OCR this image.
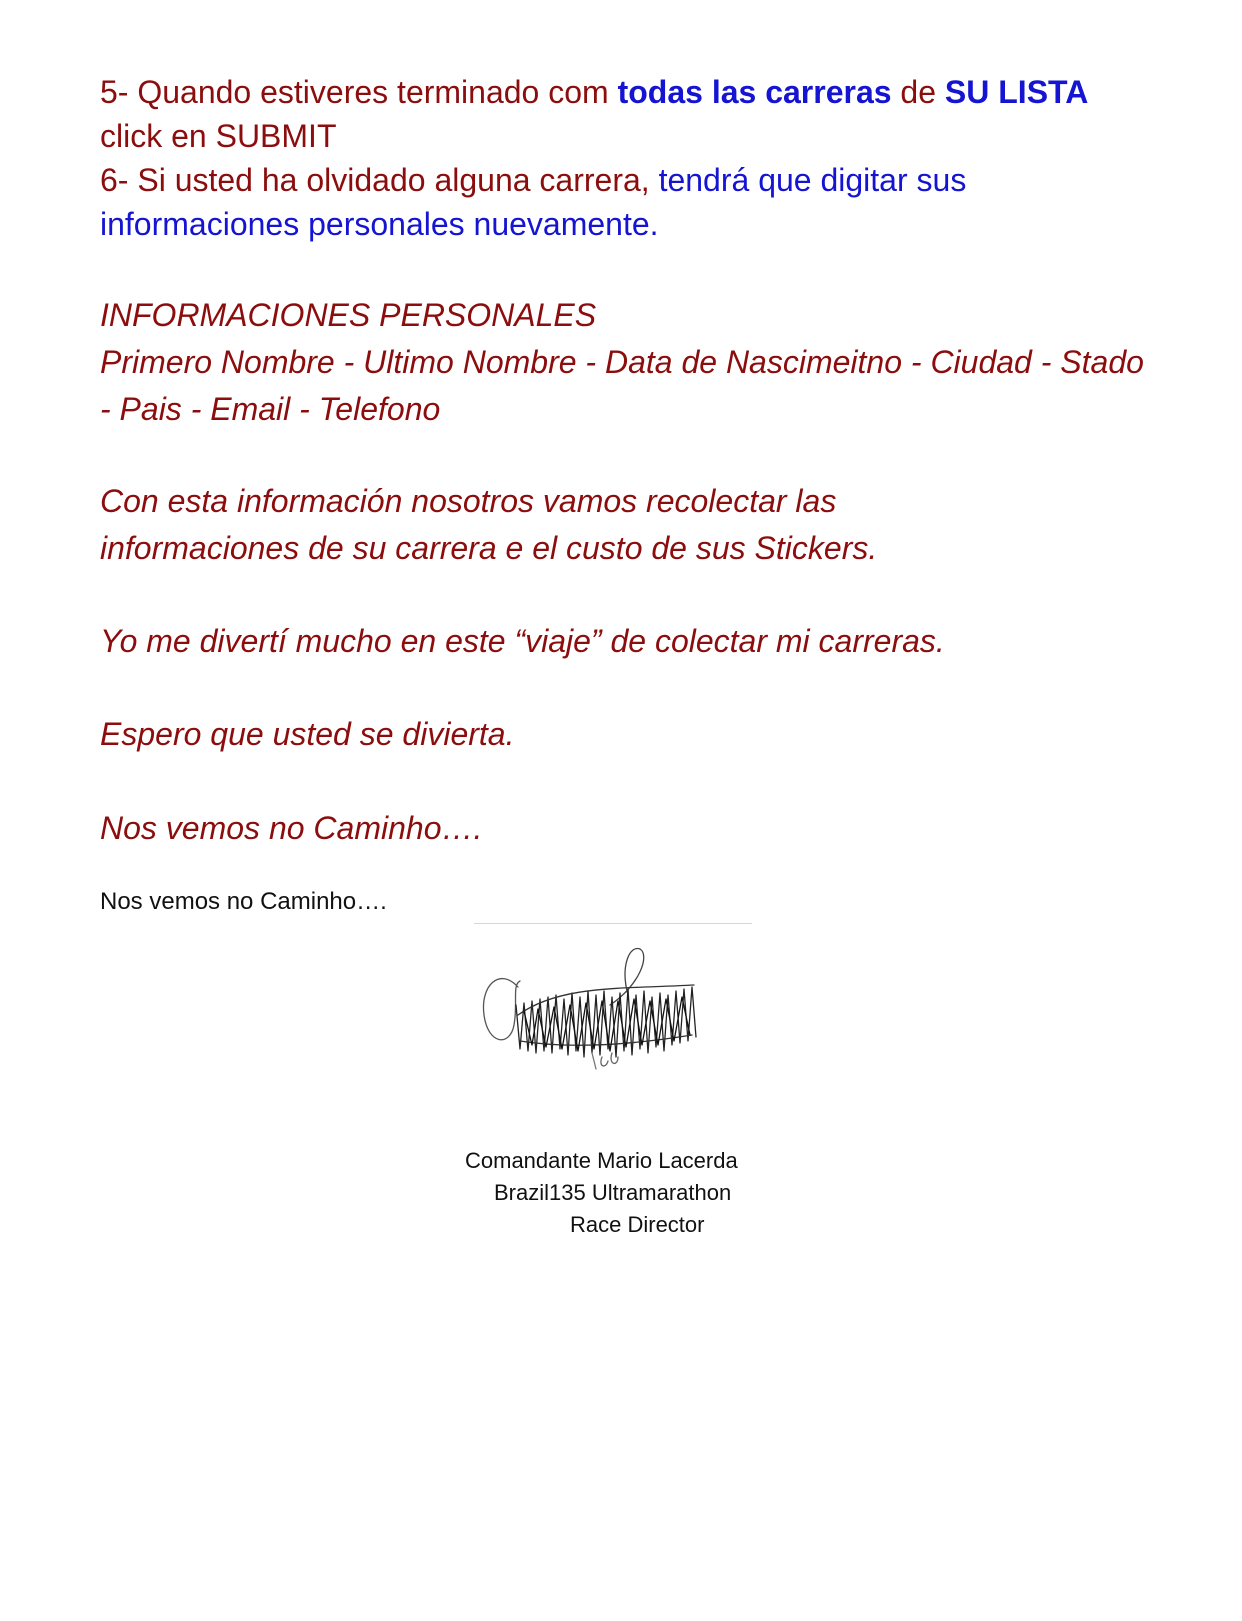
5- Quando estiveres terminado com todas las carreras de SU LISTA
click en SUBMIT
6- Si usted ha olvidado alguna carrera, tendrá que digitar sus informaciones personales nuevamente.
INFORMACIONES PERSONALES
Primero Nombre - Ultimo Nombre - Data de Nascimeitno - Ciudad - Stado - Pais - Email - Telefono
Con esta información nosotros vamos recolectar las informaciones de su carrera e el custo de sus Stickers.
Yo me divertí mucho en este “viaje” de colectar mi carreras.
Espero que usted se divierta.
Nos vemos no Caminho….
Nos vemos no Caminho….
Comandante Mario Lacerda
Brazil135 Ultramarathon
Race Director
